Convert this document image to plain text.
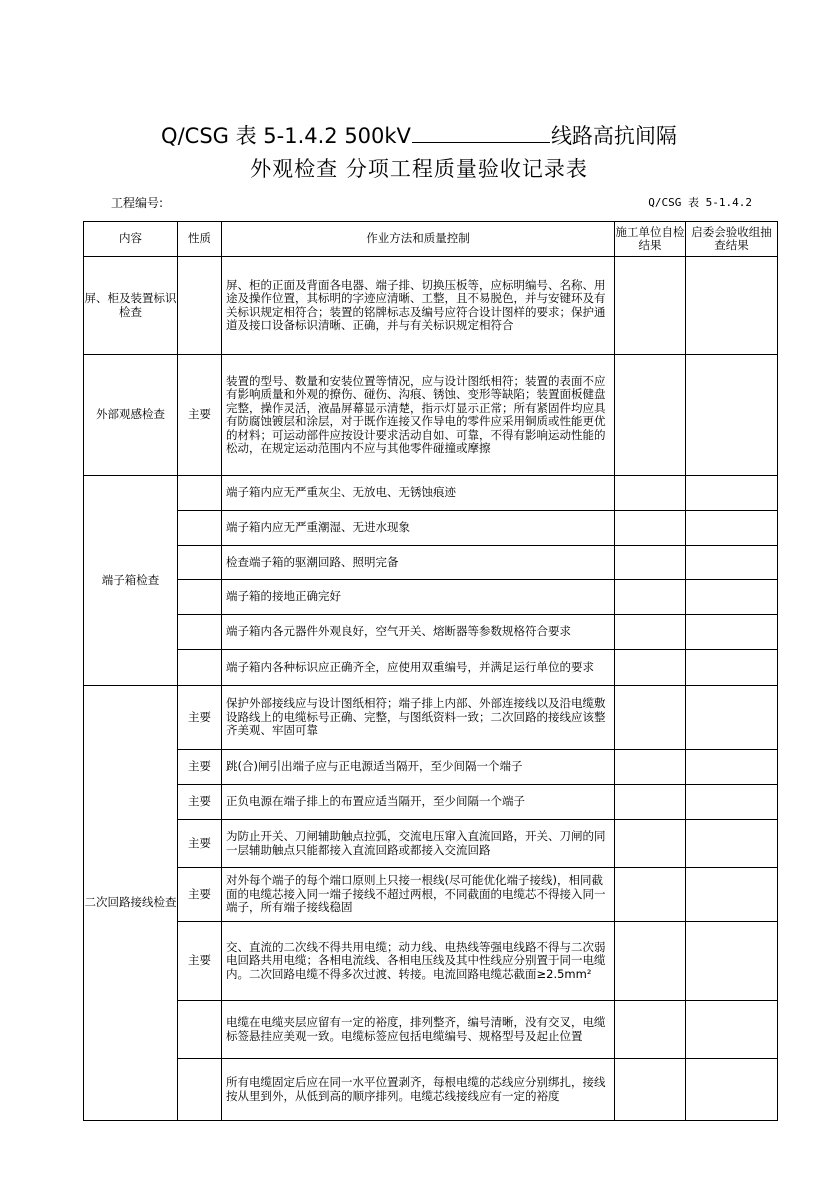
Q/CSG 表 5-1.4.2 500kV	线路高抗间隔
外观检查 分项工程质量验收记录表
工程编号:	Q/CSG 表 5-1.4.2
内容	性质	作业方法和质量控制	施工单位自检结果	启委会验收组抽查结果
屏、柜及装置标识检查		屏、柜的正面及背面各电器、端子排、切换压板等，应标明编号、名称、用途及操作位置，其标明的字迹应清晰、工整，且不易脱色，并与安键环及有关标识规定相符合；装置的铭牌标志及编号应符合设计图样的要求；保护通道及接口设备标识清晰、正确，并与有关标识规定相符合		
外部观感检查	主要	装置的型号、数量和安装位置等情况，应与设计图纸相符；装置的表面不应有影响质量和外观的撩伤、碰伤、沟痕、锈蚀、变形等缺陷；装置面板健盘完整，操作灵活，液晶屏幕显示清楚，指示灯显示正常；所有紧固件均应具有防腐蚀镀层和涂层，对于既作连接又作导电的零件应采用铜质或性能更优的材料；可运动部件应按设计要求活动自如、可靠，不得有影响运动性能的松动，在规定运动范围内不应与其他零件碰撞或摩擦		
端子箱检查		端子箱内应无严重灰尘、无放电、无锈蚀痕迹		
		端子箱内应无严重潮湿、无进水现象		
		检查端子箱的驱潮回路、照明完备		
		端子箱的接地正确完好		
		端子箱内各元器件外观良好，空气开关、熔断器等参数规格符合要求		
		端子箱内各种标识应正确齐全，应使用双重编号，并满足运行单位的要求		
二次回路接线检查	主要	保护外部接线应与设计图纸相符；端子排上内部、外部连接线以及沿电缆敷设路线上的电缆标号正确、完整，与图纸资料一致；二次回路的接线应该整齐美观、牢固可靠		
	主要	跳(合)闸引出端子应与正电源适当隔开，至少间隔一个端子		
	主要	正负电源在端子排上的布置应适当隔开，至少间隔一个端子		
	主要	为防止开关、刀闸辅助触点拉弧，交流电压窜入直流回路，开关、刀闸的同一层辅助触点只能都接入直流回路或都接入交流回路		
	主要	对外每个端子的每个端口原则上只接一根线(尽可能优化端子接线)，相同截面的电缆芯接入同一端子接线不超过两根，不同截面的电缆芯不得接入同一端子，所有端子接线稳固		
	主要	交、直流的二次线不得共用电缆；动力线、电热线等强电线路不得与二次弱电回路共用电缆；各相电流线、各相电压线及其中性线应分别置于同一电缆内。二次回路电缆不得多次过渡、转接。电流回路电缆芯截面≥2.5mm²		
		电缆在电缆夹层应留有一定的裕度，排列整齐，编号清晰，没有交叉，电缆标签悬挂应美观一致。电缆标签应包括电缆编号、规格型号及起止位置		
		所有电缆固定后应在同一水平位置剥齐，每根电缆的芯线应分别绑扎，接线按从里到外，从低到高的顺序排列。电缆芯线接线应有一定的裕度		
